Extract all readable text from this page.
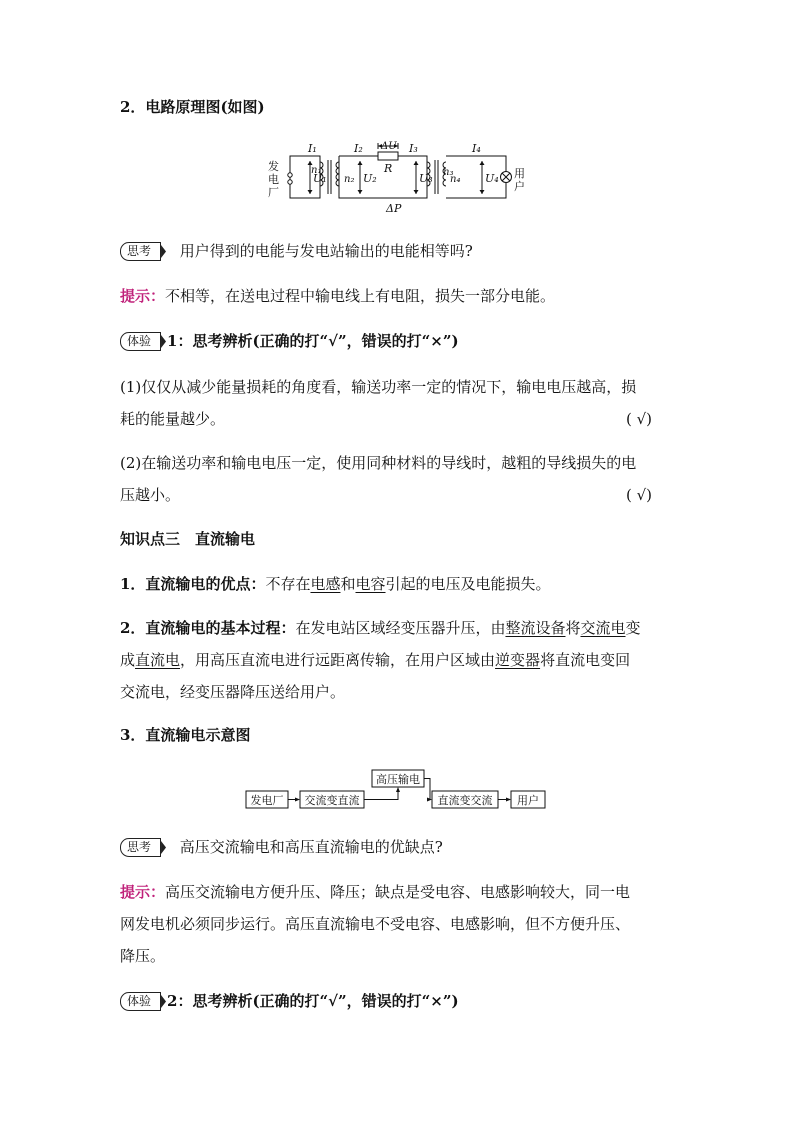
2．电路原理图(如图)
发
电
厂
用
户
I₁	I₂	I₃	I₄
ΔU
R
ΔP
U₁	U₂	U₃	U₄
n₁
n₂
n₃
n₄
思考 用户得到的电能与发电站输出的电能相等吗?
提示：不相等，在送电过程中输电线上有电阻，损失一部分电能。
体验 1：思考辨析(正确的打“√”，错误的打“×”)
(1)仅仅从减少能量损耗的角度看，输送功率一定的情况下，输电电压越高，损
耗的能量越少。	( √)
(2)在输送功率和输电电压一定，使用同种材料的导线时，越粗的导线损失的电
压越小。	( √)
知识点三　直流输电
1．直流输电的优点：不存在电感和电容引起的电压及电能损失。
2．直流输电的基本过程：在发电站区域经变压器升压，由整流设备将交流电变
成直流电，用高压直流电进行远距离传输，在用户区域由逆变器将直流电变回
交流电，经变压器降压送给用户。
3．直流输电示意图
发电厂 交流变直流
高压输电
直流变交流 用户
思考 高压交流输电和高压直流输电的优缺点?
提示：高压交流输电方便升压、降压；缺点是受电容、电感影响较大，同一电
网发电机必须同步运行。高压直流输电不受电容、电感影响，但不方便升压、
降压。
体验 2：思考辨析(正确的打“√”，错误的打“×”)
